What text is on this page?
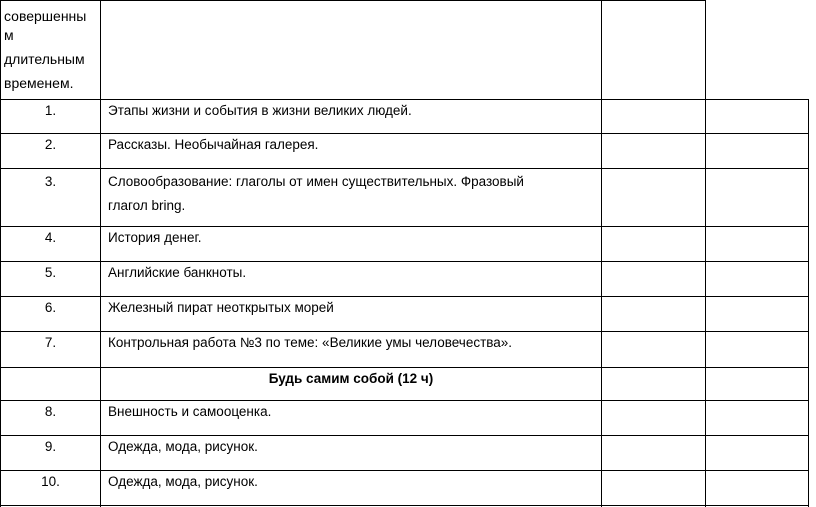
совершенны
м
длительным
временем.
1.	Этапы жизни и события в жизни великих людей.
2.	Рассказы. Необычайная галерея.
3.	Словообразование: глаголы от имен существительных. Фразовый
глагол bring.
4.	История денег.
5.	Английские банкноты.
6.	Железный пират неоткрытых морей
7.	Контрольная работа №3 по теме: «Великие умы человечества».
Будь самим собой (12 ч)
8.	Внешность и самооценка.
9.	Одежда, мода, рисунок.
10.	Одежда, мода, рисунок.
